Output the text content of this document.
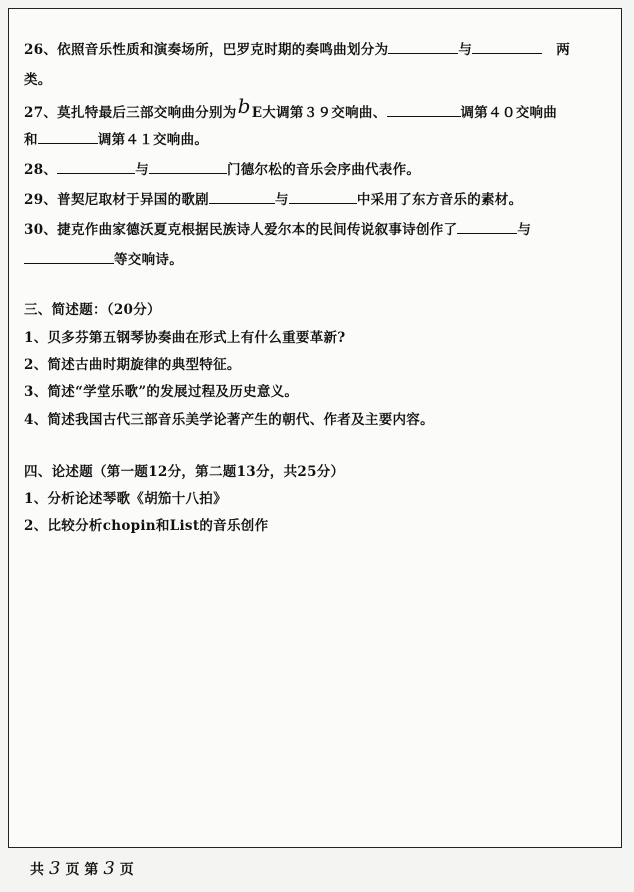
26、依照音乐性质和演奏场所，巴罗克时期的奏鸣曲划分为	与	两
类。
27、莫扎特最后三部交响曲分别为bE大调第３９交响曲、	调第４０交响曲
和	调第４１交响曲。
28、	与	门德尔松的音乐会序曲代表作。
29、普契尼取材于异国的歌剧	与	中采用了东方音乐的素材。
30、捷克作曲家德沃夏克根据民族诗人爱尔本的民间传说叙事诗创作了	与
等交响诗。
三、简述题：（20分）
1、贝多芬第五钢琴协奏曲在形式上有什么重要革新?
2、简述古曲时期旋律的典型特征。
3、简述“学堂乐歌”的发展过程及历史意义。
4、简述我国古代三部音乐美学论著产生的朝代、作者及主要内容。
四、论述题（第一题12分，第二题13分，共25分）
1、分析论述琴歌《胡笳十八拍》
2、比较分析chopin和List的音乐创作
共 3 页 第 3 页
